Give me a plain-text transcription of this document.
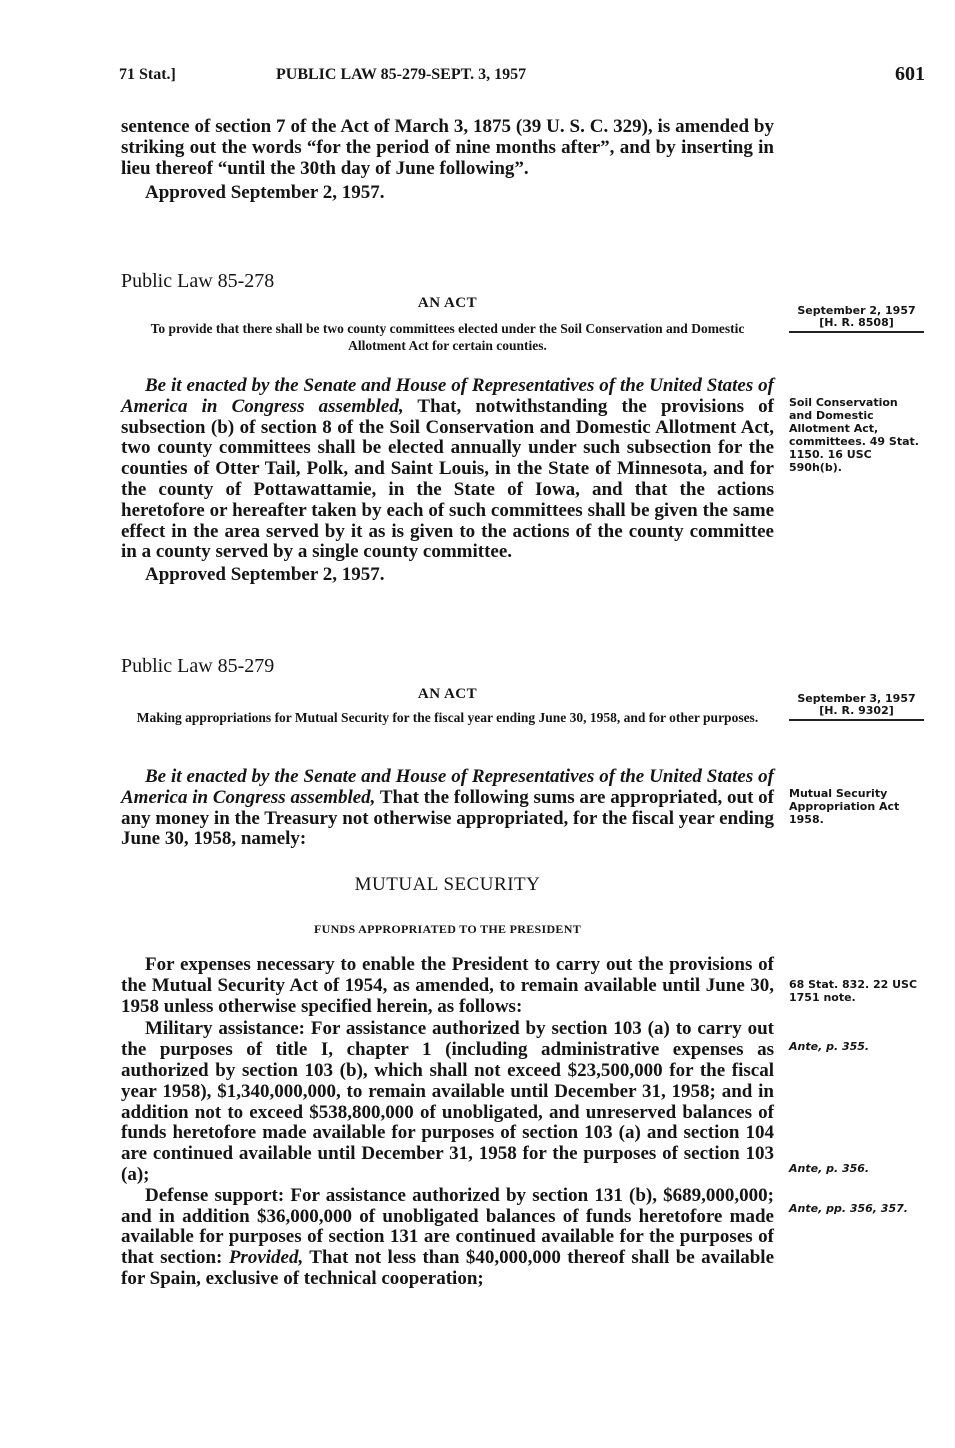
71 Stat.]	PUBLIC LAW 85-279-SEPT. 3, 1957	601

sentence of section 7 of the Act of March 3, 1875 (39 U. S. C. 329), is amended by striking out the words “for the period of nine months after”, and by inserting in lieu thereof “until the 30th day of June following”.

Approved September 2, 1957.

Public Law 85-278
AN ACT
To provide that there shall be two county committees elected under the Soil Conservation and Domestic Allotment Act for certain counties.
September 2, 1957
[H. R. 8508]

Be it enacted by the Senate and House of Representatives of the United States of America in Congress assembled, That, notwithstanding the provisions of subsection (b) of section 8 of the Soil Conservation and Domestic Allotment Act, two county committees shall be elected annually under such subsection for the counties of Otter Tail, Polk, and Saint Louis, in the State of Minnesota, and for the county of Pottawattamie, in the State of Iowa, and that the actions heretofore or hereafter taken by each of such committees shall be given the same effect in the area served by it as is given to the actions of the county committee in a county served by a single county committee.

Approved September 2, 1957.

Soil Conservation and Domestic Allotment Act, committees. 49 Stat. 1150. 16 USC 590h(b).
Public Law 85-279
AN ACT
Making appropriations for Mutual Security for the fiscal year ending June 30, 1958, and for other purposes.
September 3, 1957
[H. R. 9302]

Be it enacted by the Senate and House of Representatives of the United States of America in Congress assembled, That the following sums are appropriated, out of any money in the Treasury not otherwise appropriated, for the fiscal year ending June 30, 1958, namely:

Mutual Security Appropriation Act 1958.
MUTUAL SECURITY
FUNDS APPROPRIATED TO THE PRESIDENT

For expenses necessary to enable the President to carry out the provisions of the Mutual Security Act of 1954, as amended, to remain available until June 30, 1958 unless otherwise specified herein, as follows:

Military assistance: For assistance authorized by section 103 (a) to carry out the purposes of title I, chapter 1 (including administrative expenses as authorized by section 103 (b), which shall not exceed $23,500,000 for the fiscal year 1958), $1,340,000,000, to remain available until December 31, 1958; and in addition not to exceed $538,800,000 of unobligated, and unreserved balances of funds heretofore made available for purposes of section 103 (a) and section 104 are continued available until December 31, 1958 for the purposes of section 103 (a);

Defense support: For assistance authorized by section 131 (b), $689,000,000; and in addition $36,000,000 of unobligated balances of funds heretofore made available for purposes of section 131 are continued available for the purposes of that section: Provided, That not less than $40,000,000 thereof shall be available for Spain, exclusive of technical cooperation;

68 Stat. 832. 22 USC 1751 note.
Ante, p. 355.
Ante, p. 356.
Ante, pp. 356, 357.
